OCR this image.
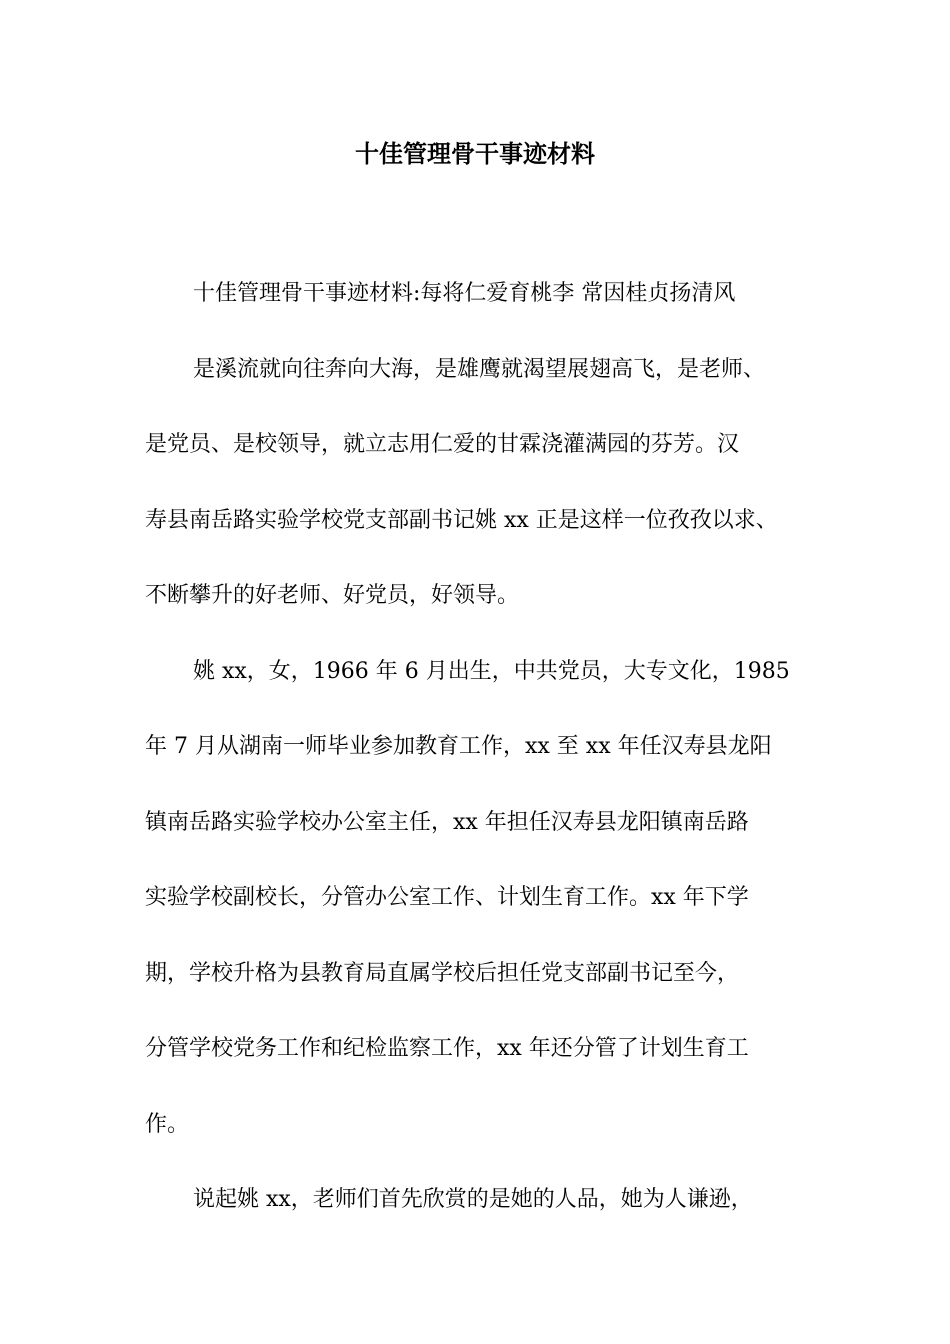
十佳管理骨干事迹材料
十佳管理骨干事迹材料:每将仁爱育桃李 常因桂贞扬清风
是溪流就向往奔向大海，是雄鹰就渴望展翅高飞，是老师、
是党员、是校领导，就立志用仁爱的甘霖浇灌满园的芬芳。汉
寿县南岳路实验学校党支部副书记姚 xx 正是这样一位孜孜以求、
不断攀升的好老师、好党员，好领导。
姚 xx，女，1966 年 6 月出生，中共党员，大专文化，1985
年 7 月从湖南一师毕业参加教育工作，xx 至 xx 年任汉寿县龙阳
镇南岳路实验学校办公室主任，xx 年担任汉寿县龙阳镇南岳路
实验学校副校长，分管办公室工作、计划生育工作。xx 年下学
期，学校升格为县教育局直属学校后担任党支部副书记至今，
分管学校党务工作和纪检监察工作，xx 年还分管了计划生育工
作。
说起姚 xx，老师们首先欣赏的是她的人品，她为人谦逊，
